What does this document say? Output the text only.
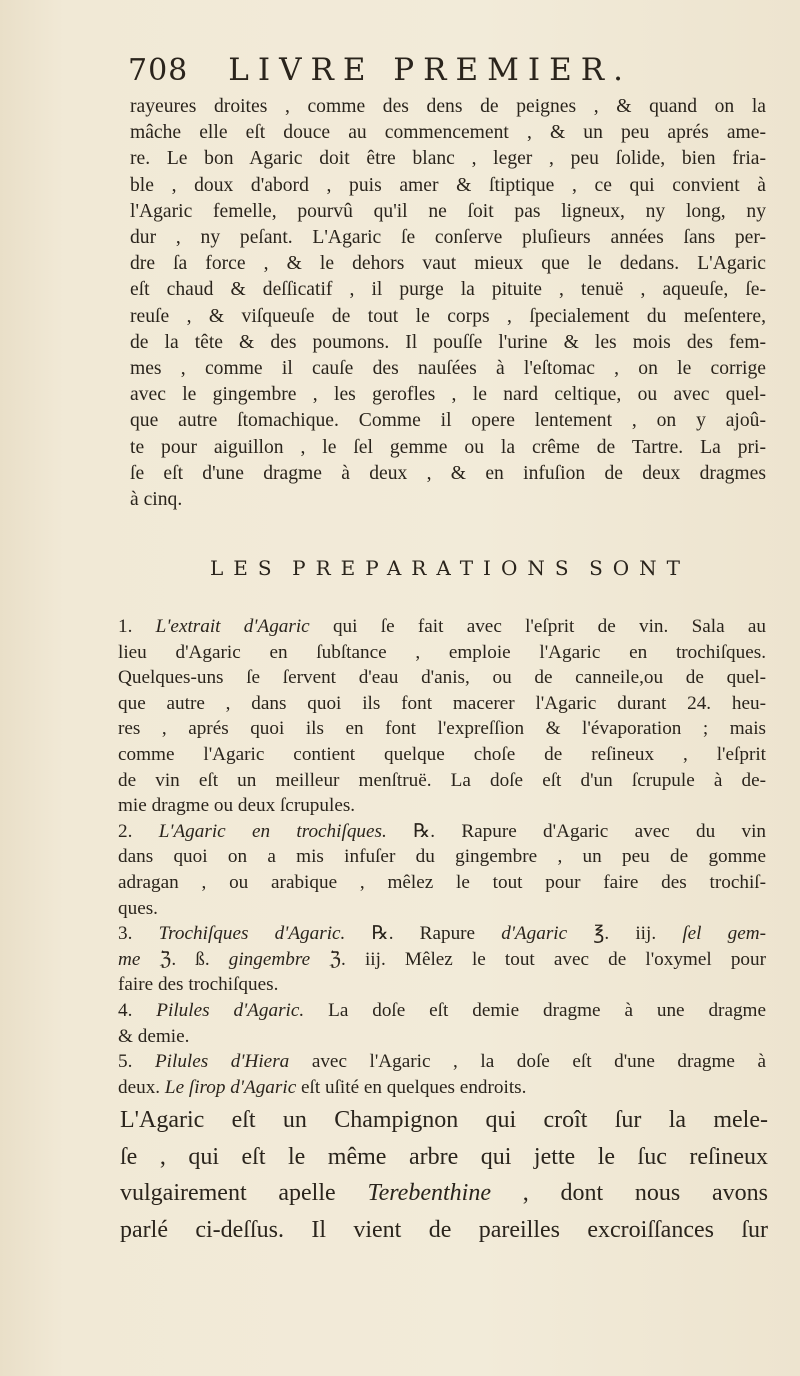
708 LIVRE PREMIER.
rayeures droites , comme des dens de peignes , & quand on la
mâche elle eſt douce au commencement , & un peu aprés ame-
re. Le bon Agaric doit être blanc , leger , peu ſolide, bien fria-
ble , doux d'abord , puis amer & ſtiptique , ce qui convient à
l'Agaric femelle, pourvû qu'il ne ſoit pas ligneux, ny long, ny
dur , ny peſant. L'Agaric ſe conſerve pluſieurs années ſans per-
dre ſa force , & le dehors vaut mieux que le dedans. L'Agaric
eſt chaud & deſſicatif , il purge la pituite , tenuë , aqueuſe, ſe-
reuſe , & viſqueuſe de tout le corps , ſpecialement du meſentere,
de la tête & des poumons. Il pouſſe l'urine & les mois des fem-
mes , comme il cauſe des nauſées à l'eſtomac , on le corrige
avec le gingembre , les gerofles , le nard celtique, ou avec quel-
que autre ſtomachique. Comme il opere lentement , on y ajoû-
te pour aiguillon , le ſel gemme ou la crême de Tartre. La pri-
ſe eſt d'une dragme à deux , & en infuſion de deux dragmes
à cinq.
LES PREPARATIONS SONT
1. L'extrait d'Agaric qui ſe fait avec l'eſprit de vin. Sala au
lieu d'Agaric en ſubſtance , emploie l'Agaric en trochiſques.
Quelques-uns ſe ſervent d'eau d'anis, ou de canneile,ou de quel-
que autre , dans quoi ils font macerer l'Agaric durant 24. heu-
res , aprés quoi ils en font l'expreſſion & l'évaporation ; mais
comme l'Agaric contient quelque choſe de reſineux , l'eſprit
de vin eſt un meilleur menſtruë. La doſe eſt d'un ſcrupule à de-
mie dragme ou deux ſcrupules.
2. L'Agaric en trochiſques. ℞. Rapure d'Agaric avec du vin
dans quoi on a mis infuſer du gingembre , un peu de gomme
adragan , ou arabique , mêlez le tout pour faire des trochiſ-
ques.
3. Trochiſques d'Agaric. ℞. Rapure d'Agaric ℥. iij. ſel gem-
me ℨ. ß. gingembre ℨ. iij. Mêlez le tout avec de l'oxymel pour
faire des trochiſques.
4. Pilules d'Agaric. La doſe eſt demie dragme à une dragme
& demie.
5. Pilules d'Hiera avec l'Agaric , la doſe eſt d'une dragme à
deux. Le ſirop d'Agaric eſt uſité en quelques endroits.
L'Agaric eſt un Champignon qui croît ſur la mele-
ſe , qui eſt le même arbre qui jette le ſuc reſineux
vulgairement apelle Terebenthine , dont nous avons
parlé ci-deſſus. Il vient de pareilles excroiſſances ſur
